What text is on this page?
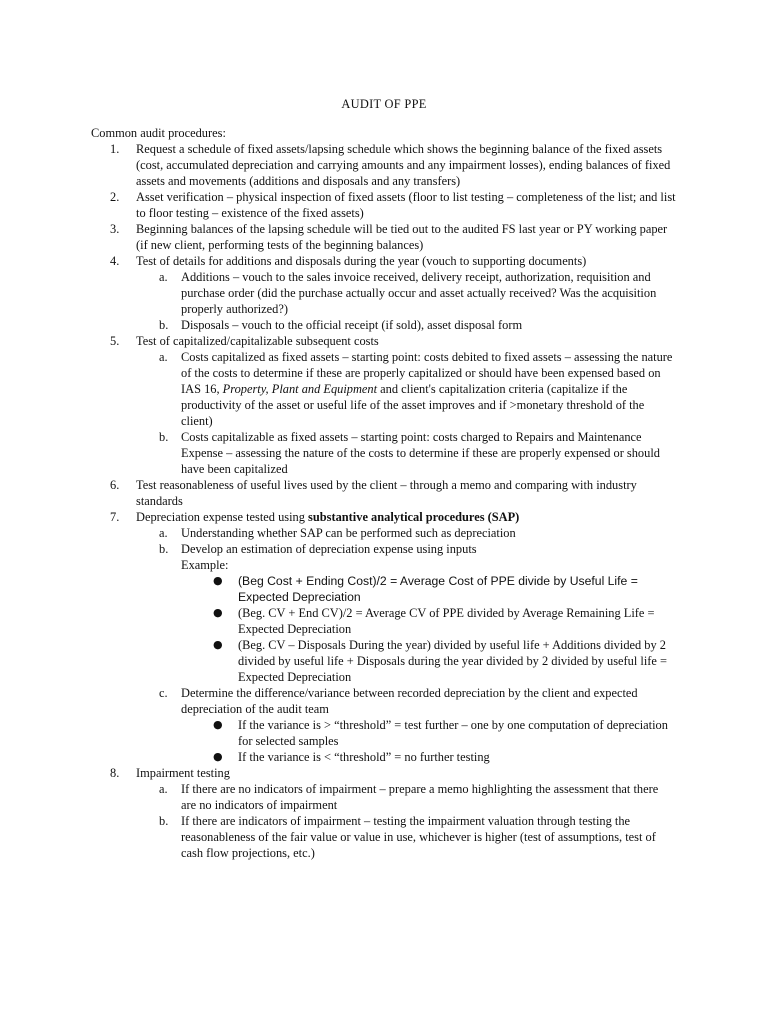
AUDIT OF PPE
Common audit procedures:
1. Request a schedule of fixed assets/lapsing schedule which shows the beginning balance of the fixed assets (cost, accumulated depreciation and carrying amounts and any impairment losses), ending balances of fixed assets and movements (additions and disposals and any transfers)
2. Asset verification – physical inspection of fixed assets (floor to list testing – completeness of the list; and list to floor testing – existence of the fixed assets)
3. Beginning balances of the lapsing schedule will be tied out to the audited FS last year or PY working paper (if new client, performing tests of the beginning balances)
4. Test of details for additions and disposals during the year (vouch to supporting documents)
a. Additions – vouch to the sales invoice received, delivery receipt, authorization, requisition and purchase order (did the purchase actually occur and asset actually received? Was the acquisition properly authorized?)
b. Disposals – vouch to the official receipt (if sold), asset disposal form
5. Test of capitalized/capitalizable subsequent costs
a. Costs capitalized as fixed assets – starting point: costs debited to fixed assets – assessing the nature of the costs to determine if these are properly capitalized or should have been expensed based on IAS 16, Property, Plant and Equipment and client's capitalization criteria (capitalize if the productivity of the asset or useful life of the asset improves and if >monetary threshold of the client)
b. Costs capitalizable as fixed assets – starting point: costs charged to Repairs and Maintenance Expense – assessing the nature of the costs to determine if these are properly expensed or should have been capitalized
6. Test reasonableness of useful lives used by the client – through a memo and comparing with industry standards
7. Depreciation expense tested using substantive analytical procedures (SAP)
a. Understanding whether SAP can be performed such as depreciation
b. Develop an estimation of depreciation expense using inputs
Example:
● (Beg Cost + Ending Cost)/2 = Average Cost of PPE divide by Useful Life = Expected Depreciation
● (Beg. CV + End CV)/2 = Average CV of PPE divided by Average Remaining Life = Expected Depreciation
● (Beg. CV – Disposals During the year) divided by useful life + Additions divided by 2 divided by useful life + Disposals during the year divided by 2 divided by useful life = Expected Depreciation
c. Determine the difference/variance between recorded depreciation by the client and expected depreciation of the audit team
● If the variance is > “threshold” = test further – one by one computation of depreciation for selected samples
● If the variance is < “threshold” = no further testing
8. Impairment testing
a. If there are no indicators of impairment – prepare a memo highlighting the assessment that there are no indicators of impairment
b. If there are indicators of impairment – testing the impairment valuation through testing the reasonableness of the fair value or value in use, whichever is higher (test of assumptions, test of cash flow projections, etc.)
